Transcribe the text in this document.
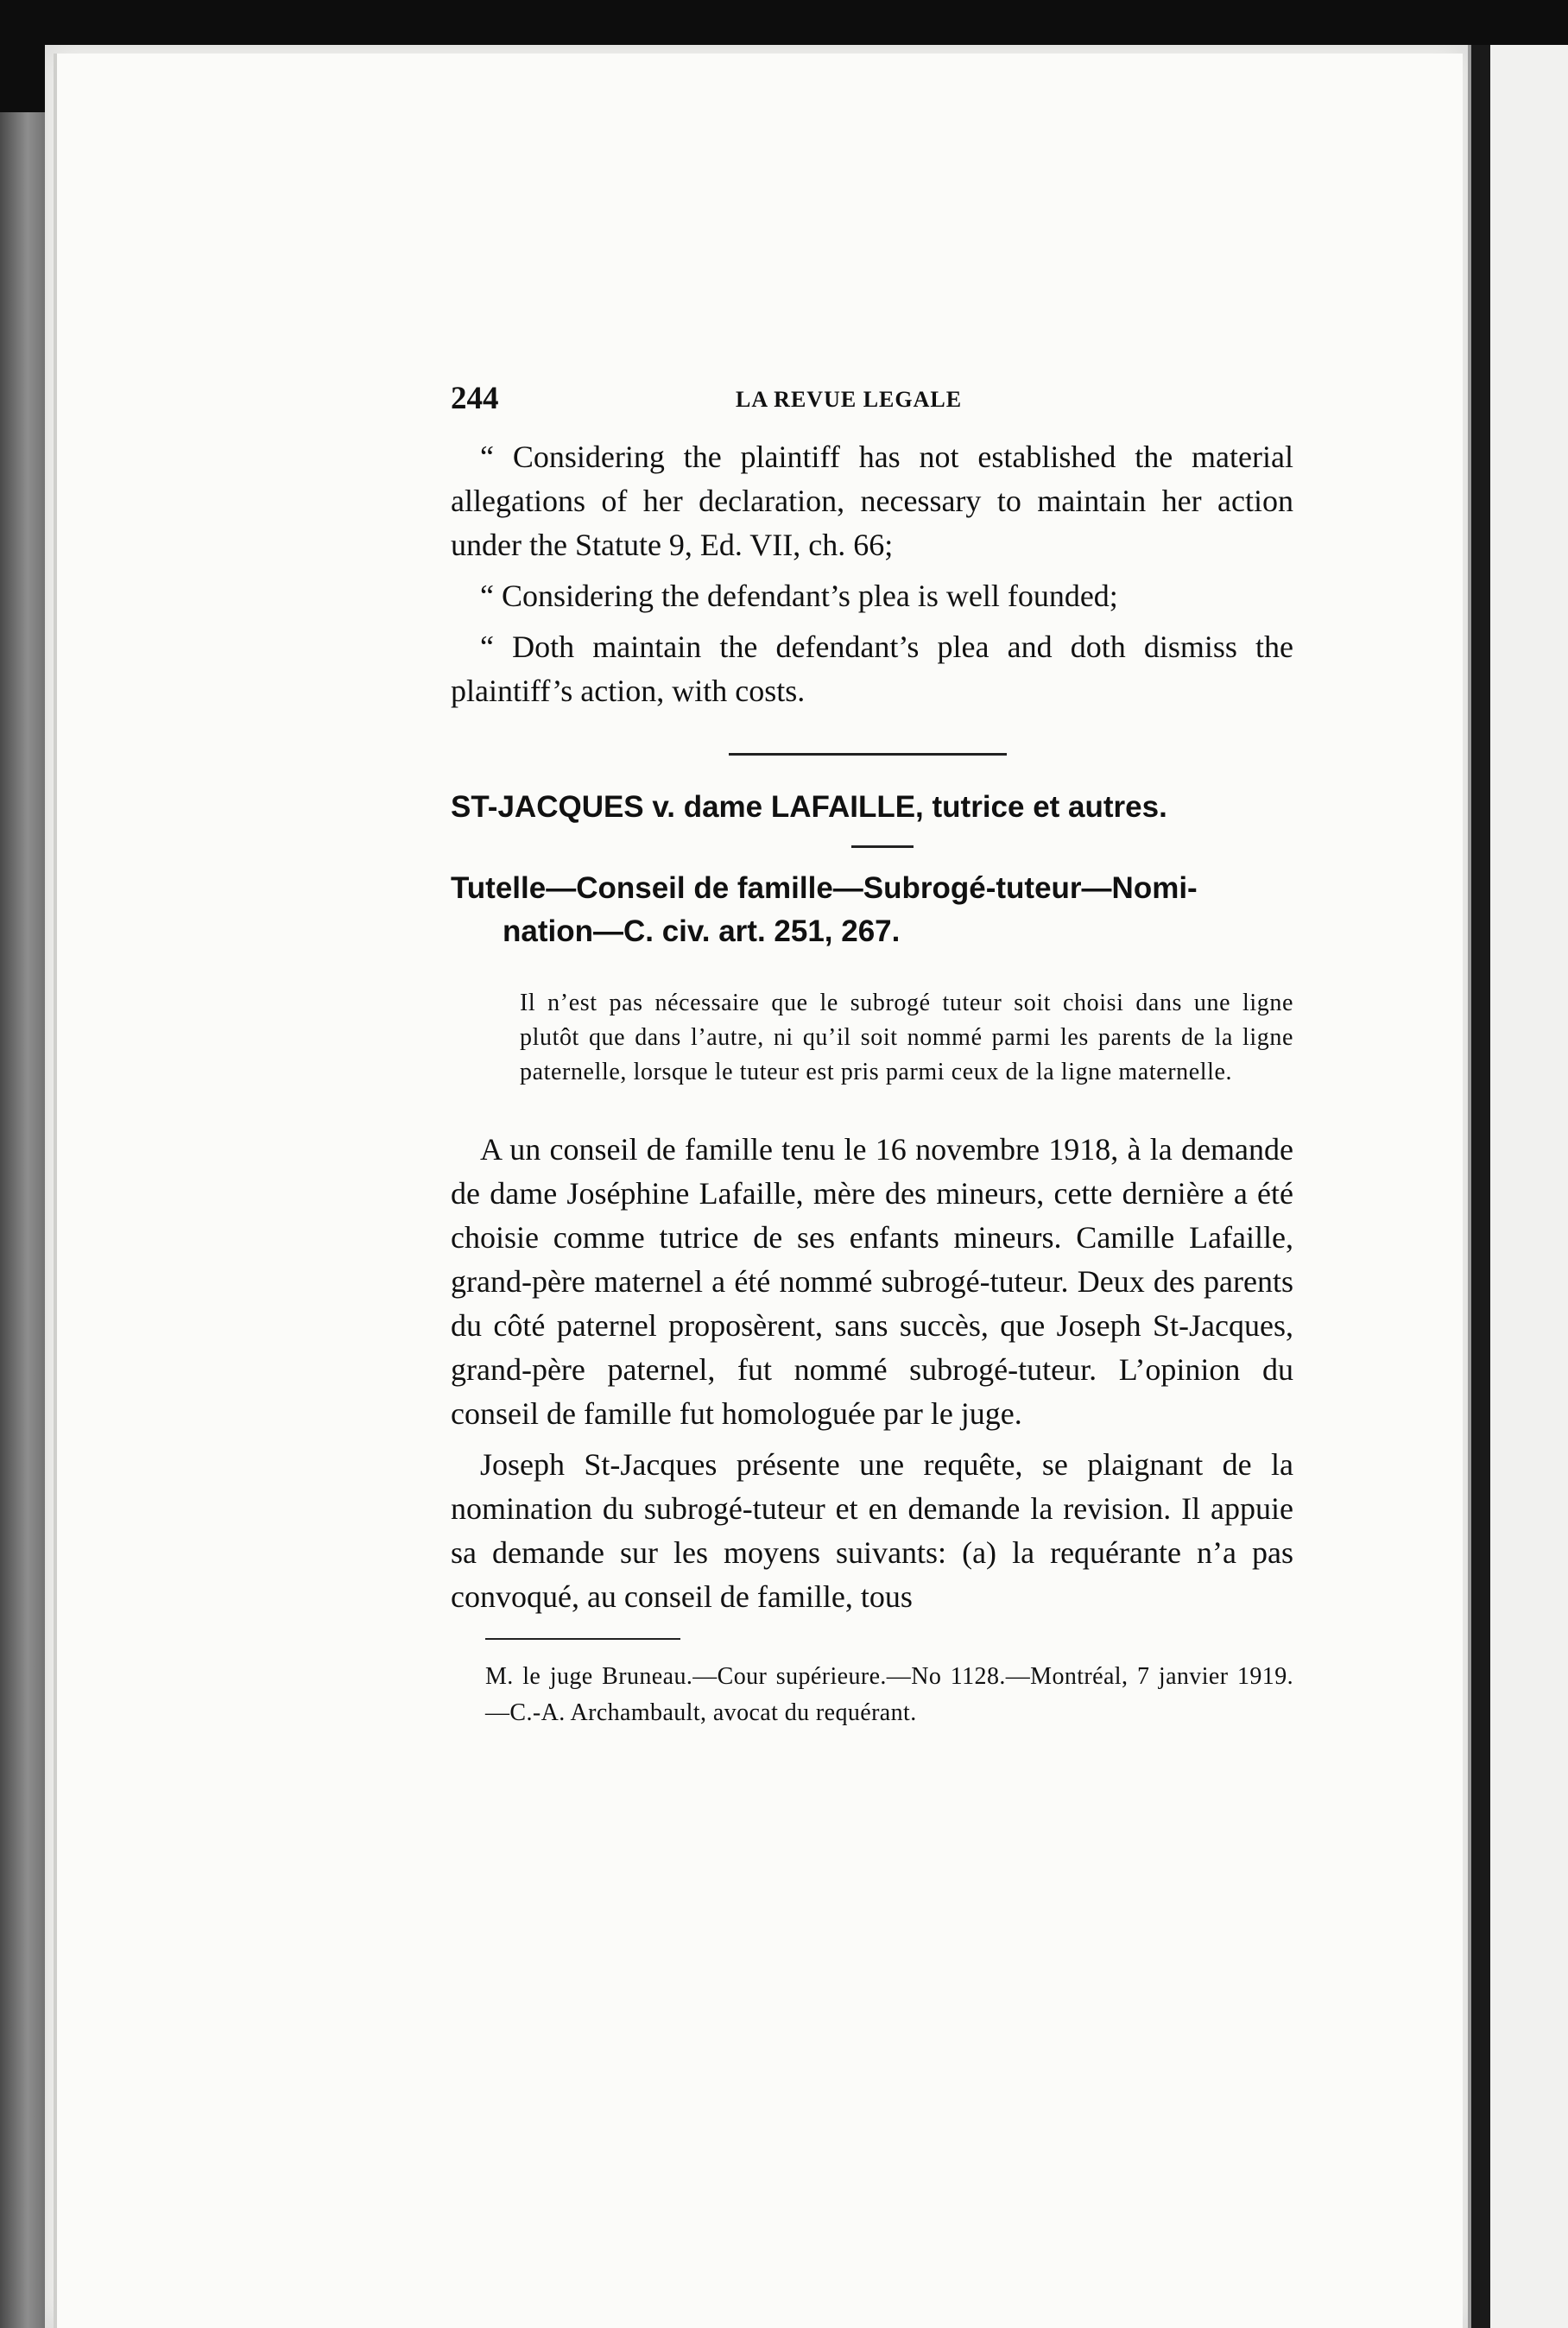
244	LA REVUE LEGALE

“ Considering the plaintiff has not established the material allegations of her declaration, necessary to maintain her action under the Statute 9, Ed. VII, ch. 66;

“ Considering the defendant’s plea is well founded;

“ Doth maintain the defendant’s plea and doth dismiss the plaintiff’s action, with costs.

ST-JACQUES v. dame LAFAILLE, tutrice et autres.
Tutelle—Conseil de famille—Subrogé-tuteur—Nomi-
nation—C. civ. art. 251, 267.

Il n’est pas nécessaire que le subrogé tuteur soit choisi dans une ligne plutôt que dans l’autre, ni qu’il soit nommé parmi les parents de la ligne paternelle, lorsque le tuteur est pris parmi ceux de la ligne maternelle.

A un conseil de famille tenu le 16 novembre 1918, à la demande de dame Joséphine Lafaille, mère des mineurs, cette dernière a été choisie comme tutrice de ses enfants mineurs. Camille Lafaille, grand-père maternel a été nommé subrogé-tuteur. Deux des parents du côté paternel proposèrent, sans succès, que Joseph St-Jacques, grand-père paternel, fut nommé subrogé-tuteur. L’opinion du conseil de famille fut homologuée par le juge.

Joseph St-Jacques présente une requête, se plaignant de la nomination du subrogé-tuteur et en demande la revision. Il appuie sa demande sur les moyens suivants: (a) la requérante n’a pas convoqué, au conseil de famille, tous

M. le juge Bruneau.—Cour supérieure.—No 1128.—Montréal, 7 janvier 1919.—C.-A. Archambault, avocat du requérant.
